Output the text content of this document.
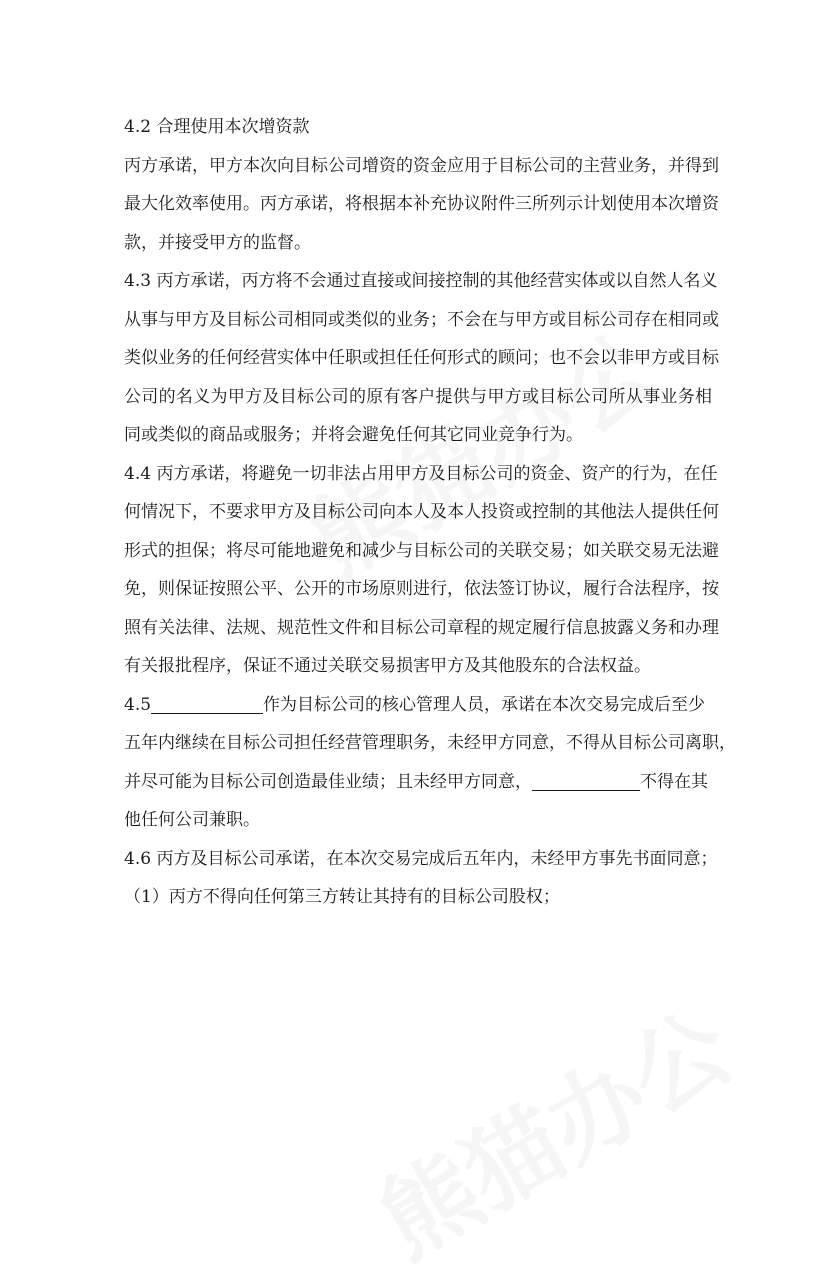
4.2 合理使用本次增资款
丙方承诺，甲方本次向目标公司增资的资金应用于目标公司的主营业务，并得到
最大化效率使用。丙方承诺，将根据本补充协议附件三所列示计划使用本次增资
款，并接受甲方的监督。
4.3 丙方承诺，丙方将不会通过直接或间接控制的其他经营实体或以自然人名义
从事与甲方及目标公司相同或类似的业务；不会在与甲方或目标公司存在相同或
类似业务的任何经营实体中任职或担任任何形式的顾问；也不会以非甲方或目标
公司的名义为甲方及目标公司的原有客户提供与甲方或目标公司所从事业务相
同或类似的商品或服务；并将会避免任何其它同业竞争行为。
4.4 丙方承诺，将避免一切非法占用甲方及目标公司的资金、资产的行为，在任
何情况下，不要求甲方及目标公司向本人及本人投资或控制的其他法人提供任何
形式的担保；将尽可能地避免和减少与目标公司的关联交易；如关联交易无法避
免，则保证按照公平、公开的市场原则进行，依法签订协议，履行合法程序，按
照有关法律、法规、规范性文件和目标公司章程的规定履行信息披露义务和办理
有关报批程序，保证不通过关联交易损害甲方及其他股东的合法权益。
4.5	作为目标公司的核心管理人员，承诺在本次交易完成后至少
五年内继续在目标公司担任经营管理职务，未经甲方同意，不得从目标公司离职，
并尽可能为目标公司创造最佳业绩；且未经甲方同意，	不得在其
他任何公司兼职。
4.6 丙方及目标公司承诺，在本次交易完成后五年内，未经甲方事先书面同意；
（1）丙方不得向任何第三方转让其持有的目标公司股权；
